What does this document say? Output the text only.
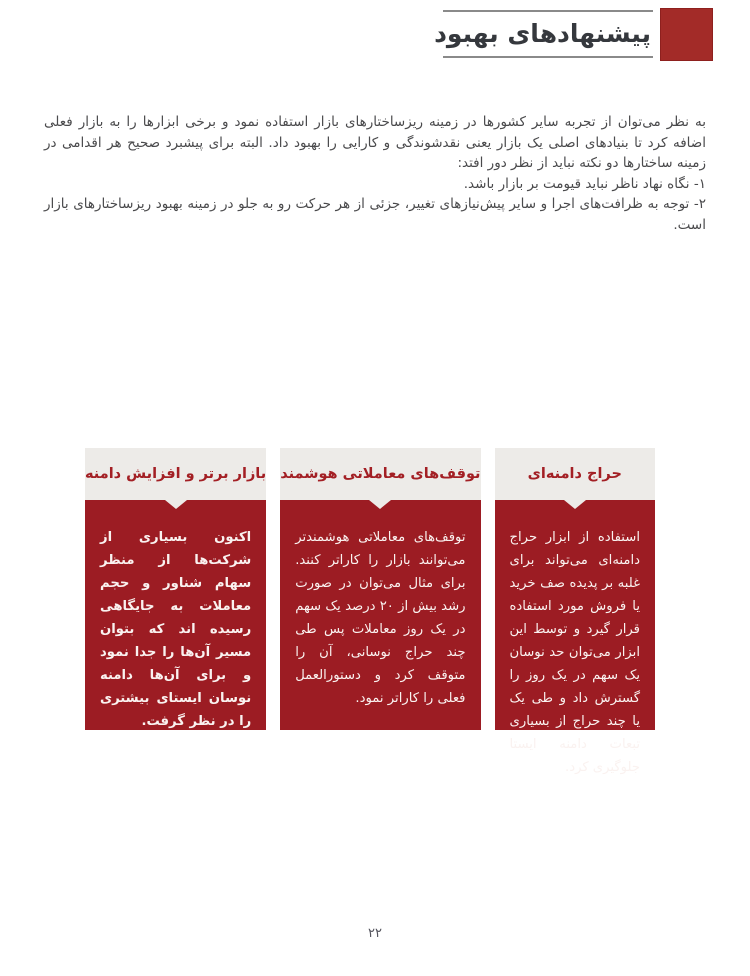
پیشنهادهای بهبود
به نظر می‌توان از تجربه سایر کشورها در زمینه ریزساختارهای بازار استفاده نمود و برخی ابزارها را به بازار فعلی اضافه کرد تا بنیادهای اصلی یک بازار یعنی نقدشوندگی و کارایی را بهبود داد. البته برای پیشبرد صحیح هر اقدامی در زمینه ساختارها دو نکته نباید از نظر دور افتد:
۱- نگاه نهاد ناظر نباید قیومت بر بازار باشد.
۲- توجه به ظرافت‌های اجرا و سایر پیش‌نیازهای تغییر، جزئی از هر حرکت رو به جلو در زمینه بهبود ریزساختارهای بازار است.
حراج دامنه‌ای
استفاده از ابزار حراج دامنه‌ای می‌تواند برای غلبه بر پدیده صف خرید یا فروش مورد استفاده قرار گیرد و توسط این ابزار می‌توان حد نوسان یک سهم در یک روز را گسترش داد و طی یک یا چند حراج از بسیاری تبعات دامنه ایستا جلوگیری کرد.
توقف‌های معاملاتی هوشمند
توقف‌های معاملاتی هوشمندتر می‌توانند بازار را کاراتر کنند. برای مثال می‌توان در صورت رشد بیش از ۲۰ درصد یک سهم در یک روز معاملات پس طی چند حراج نوسانی، آن را متوقف کرد و دستورالعمل فعلی را کاراتر نمود.
بازار برتر و افزایش دامنه
اکنون بسیاری از شرکت‌ها از منظر سهام شناور و حجم معاملات به جایگاهی رسیده اند که بتوان مسیر آن‌ها را جدا نمود و برای آن‌ها دامنه نوسان ایستای بیشتری را در نظر گرفت.
۲۲
